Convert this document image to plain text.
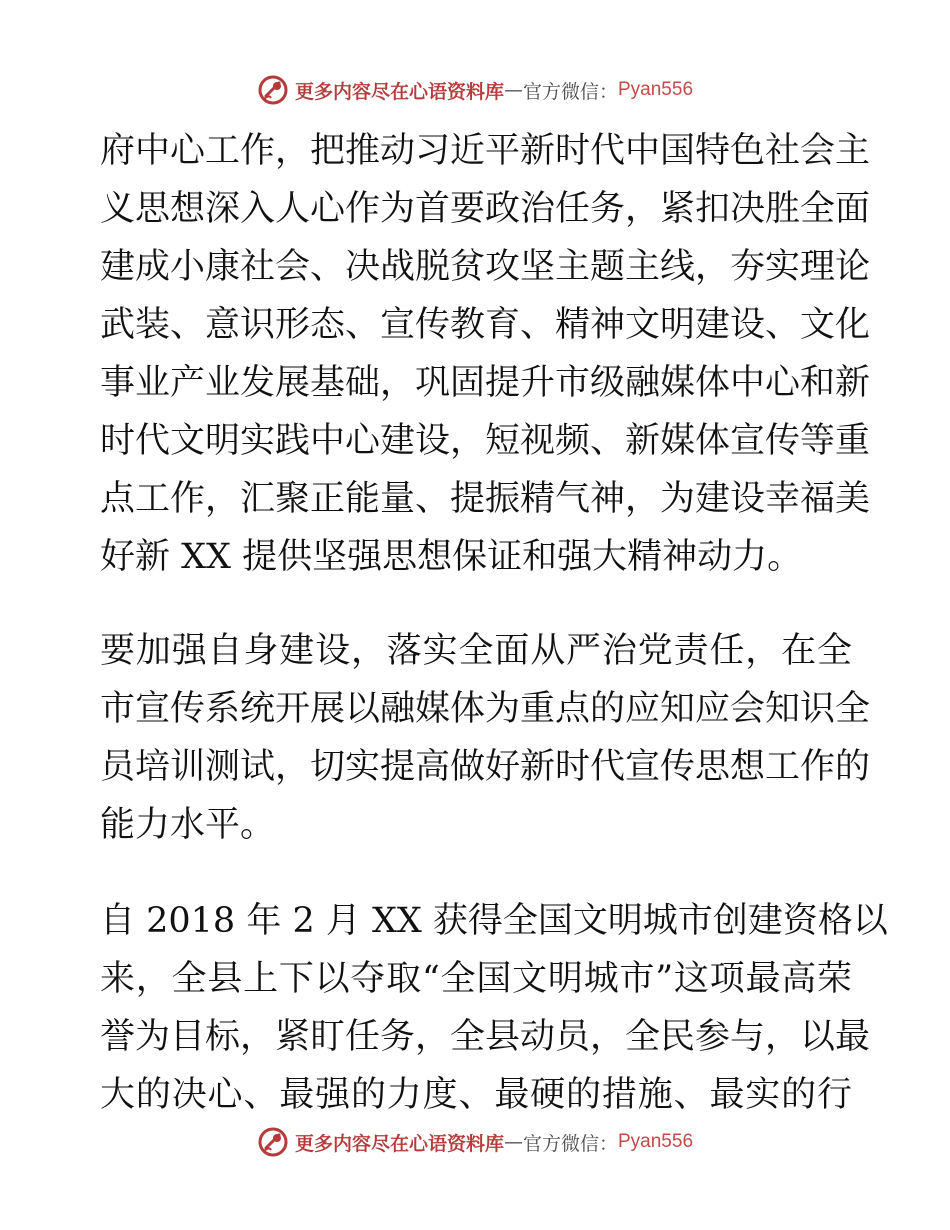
更多内容尽在心语资料库 — 官方微信： Pyan556
府中心工作，把推动习近平新时代中国特色社会主
义思想深入人心作为首要政治任务，紧扣决胜全面
建成小康社会、决战脱贫攻坚主题主线，夯实理论
武装、意识形态、宣传教育、精神文明建设、文化
事业产业发展基础，巩固提升市级融媒体中心和新
时代文明实践中心建设，短视频、新媒体宣传等重
点工作，汇聚正能量、提振精气神，为建设幸福美
好新 XX 提供坚强思想保证和强大精神动力。
要加强自身建设，落实全面从严治党责任，在全
市宣传系统开展以融媒体为重点的应知应会知识全
员培训测试，切实提高做好新时代宣传思想工作的
能力水平。
自 2018 年 2 月 XX 获得全国文明城市创建资格以
来，全县上下以夺取“全国文明城市”这项最高荣
誉为目标，紧盯任务，全县动员，全民参与，以最
大的决心、最强的力度、最硬的措施、最实的行
更多内容尽在心语资料库 — 官方微信： Pyan556
